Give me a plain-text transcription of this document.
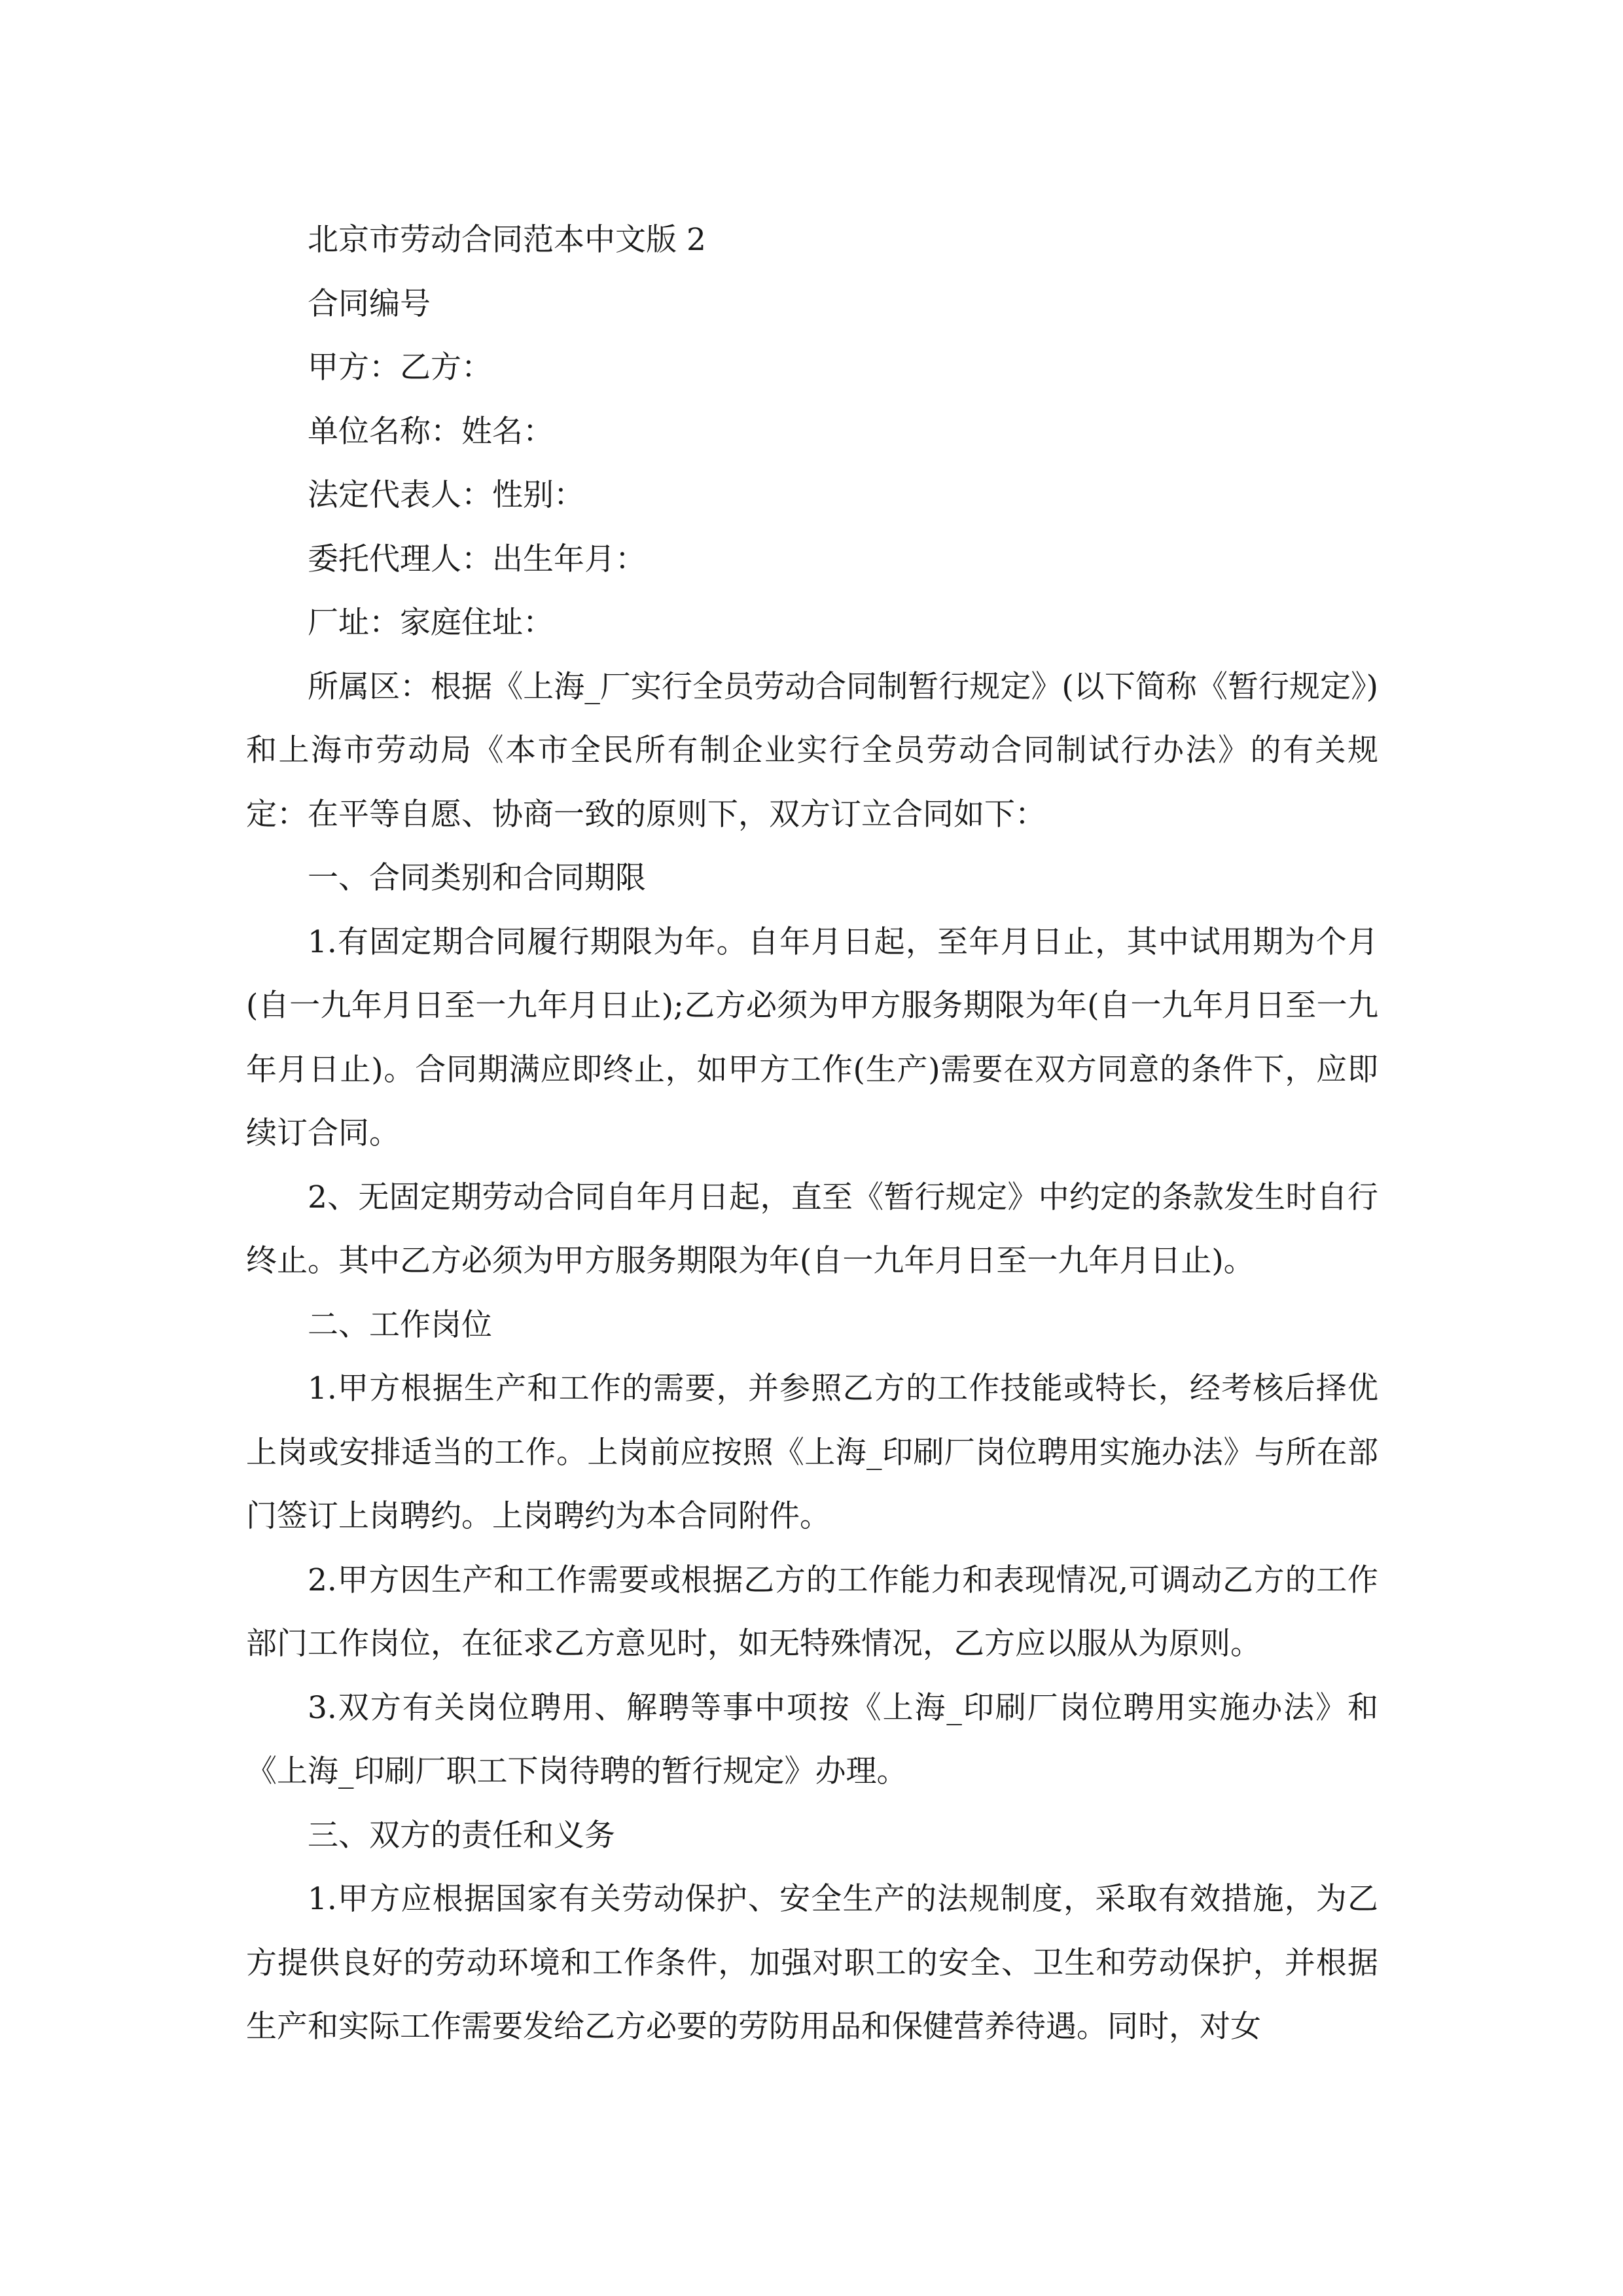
北京市劳动合同范本中文版 2

合同编号

甲方：乙方：

单位名称：姓名：

法定代表人：性别：

委托代理人：出生年月：

厂址：家庭住址：

所属区：根据《上海_厂实行全员劳动合同制暂行规定》(以下简称《暂行规定》)和上海市劳动局《本市全民所有制企业实行全员劳动合同制试行办法》的有关规定：在平等自愿、协商一致的原则下，双方订立合同如下：

一、合同类别和合同期限

1.有固定期合同履行期限为年。自年月日起，至年月日止，其中试用期为个月(自一九年月日至一九年月日止);乙方必须为甲方服务期限为年(自一九年月日至一九年月日止)。合同期满应即终止，如甲方工作(生产)需要在双方同意的条件下，应即续订合同。

2、无固定期劳动合同自年月日起，直至《暂行规定》中约定的条款发生时自行终止。其中乙方必须为甲方服务期限为年(自一九年月日至一九年月日止)。

二、工作岗位

1.甲方根据生产和工作的需要，并参照乙方的工作技能或特长，经考核后择优上岗或安排适当的工作。上岗前应按照《上海_印刷厂岗位聘用实施办法》与所在部门签订上岗聘约。上岗聘约为本合同附件。

2.甲方因生产和工作需要或根据乙方的工作能力和表现情况,可调动乙方的工作部门工作岗位，在征求乙方意见时，如无特殊情况，乙方应以服从为原则。

3.双方有关岗位聘用、解聘等事中项按《上海_印刷厂岗位聘用实施办法》和《上海_印刷厂职工下岗待聘的暂行规定》办理。

三、双方的责任和义务

1.甲方应根据国家有关劳动保护、安全生产的法规制度，采取有效措施，为乙方提供良好的劳动环境和工作条件，加强对职工的安全、卫生和劳动保护，并根据生产和实际工作需要发给乙方必要的劳防用品和保健营养待遇。同时，对女
